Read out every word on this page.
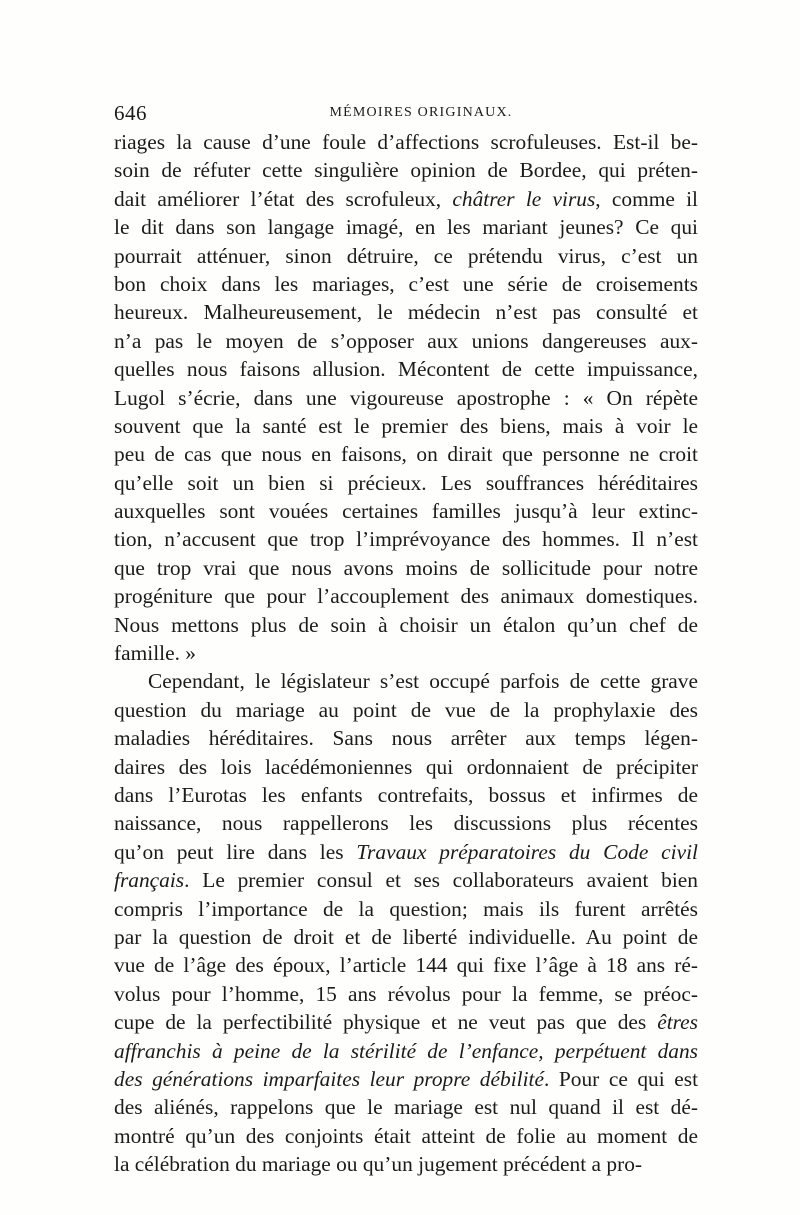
646	MÉMOIRES ORIGINAUX.
riages la cause d’une foule d’affections scrofuleuses. Est-il be-
soin de réfuter cette singulière opinion de Bordee, qui préten-
dait améliorer l’état des scrofuleux, châtrer le virus, comme il
le dit dans son langage imagé, en les mariant jeunes? Ce qui
pourrait atténuer, sinon détruire, ce prétendu virus, c’est un
bon choix dans les mariages, c’est une série de croisements
heureux. Malheureusement, le médecin n’est pas consulté et
n’a pas le moyen de s’opposer aux unions dangereuses aux-
quelles nous faisons allusion. Mécontent de cette impuissance,
Lugol s’écrie, dans une vigoureuse apostrophe : « On répète
souvent que la santé est le premier des biens, mais à voir le
peu de cas que nous en faisons, on dirait que personne ne croit
qu’elle soit un bien si précieux. Les souffrances héréditaires
auxquelles sont vouées certaines familles jusqu’à leur extinc-
tion, n’accusent que trop l’imprévoyance des hommes. Il n’est
que trop vrai que nous avons moins de sollicitude pour notre
progéniture que pour l’accouplement des animaux domestiques.
Nous mettons plus de soin à choisir un étalon qu’un chef de
famille. »
Cependant, le législateur s’est occupé parfois de cette grave
question du mariage au point de vue de la prophylaxie des
maladies héréditaires. Sans nous arrêter aux temps légen-
daires des lois lacédémoniennes qui ordonnaient de précipiter
dans l’Eurotas les enfants contrefaits, bossus et infirmes de
naissance, nous rappellerons les discussions plus récentes
qu’on peut lire dans les Travaux préparatoires du Code civil
français. Le premier consul et ses collaborateurs avaient bien
compris l’importance de la question; mais ils furent arrêtés
par la question de droit et de liberté individuelle. Au point de
vue de l’âge des époux, l’article 144 qui fixe l’âge à 18 ans ré-
volus pour l’homme, 15 ans révolus pour la femme, se préoc-
cupe de la perfectibilité physique et ne veut pas que des êtres
affranchis à peine de la stérilité de l’enfance, perpétuent dans
des générations imparfaites leur propre débilité. Pour ce qui est
des aliénés, rappelons que le mariage est nul quand il est dé-
montré qu’un des conjoints était atteint de folie au moment de
la célébration du mariage ou qu’un jugement précédent a pro-
